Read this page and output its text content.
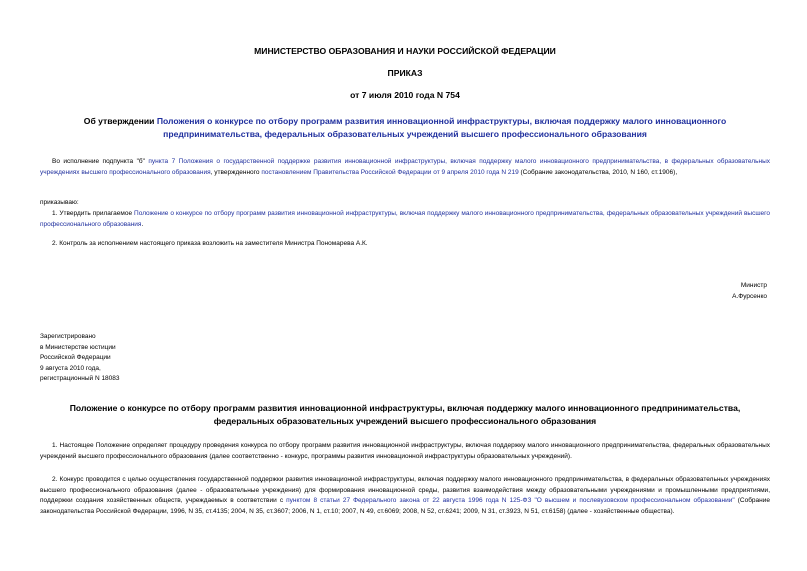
МИНИСТЕРСТВО ОБРАЗОВАНИЯ И НАУКИ РОССИЙСКОЙ ФЕДЕРАЦИИ
ПРИКАЗ
от 7 июля 2010 года N 754
Об утверждении Положения о конкурсе по отбору программ развития инновационной инфраструктуры, включая поддержку малого инновационного предпринимательства, федеральных образовательных учреждений высшего профессионального образования
Во исполнение подпункта "б" пункта 7 Положения о государственной поддержке развития инновационной инфраструктуры, включая поддержку малого инновационного предпринимательства, в федеральных образовательных учреждениях высшего профессионального образования, утвержденного постановлением Правительства Российской Федерации от 9 апреля 2010 года N 219 (Собрание законодательства, 2010, N 160, ст.1906),
приказываю:
1. Утвердить прилагаемое Положение о конкурсе по отбору программ развития инновационной инфраструктуры, включая поддержку малого инновационного предпринимательства, федеральных образовательных учреждений высшего профессионального образования.
2. Контроль за исполнением настоящего приказа возложить на заместителя Министра Пономарева А.К.
Министр
А.Фурсенко
Зарегистрировано
в Министерстве юстиции
Российской Федерации
9 августа 2010 года,
регистрационный N 18083
Положение о конкурсе по отбору программ развития инновационной инфраструктуры, включая поддержку малого инновационного предпринимательства, федеральных образовательных учреждений высшего профессионального образования
1. Настоящее Положение определяет процедуру проведения конкурса по отбору программ развития инновационной инфраструктуры, включая поддержку малого инновационного предпринимательства, федеральных образовательных учреждений высшего профессионального образования (далее соответственно - конкурс, программы развития инновационной инфраструктуры образовательных учреждений).
2. Конкурс проводится с целью осуществления государственной поддержки развития инновационной инфраструктуры, включая поддержку малого инновационного предпринимательства, в федеральных образовательных учреждениях высшего профессионального образования (далее - образовательные учреждения) для формирования инновационной среды, развития взаимодействия между образовательными учреждениями и промышленными предприятиями, поддержки создания хозяйственных обществ, учреждаемых в соответствии с пунктом 8 статьи 27 Федерального закона от 22 августа 1996 года N 125-ФЗ "О высшем и послевузовском профессиональном образовании" (Собрание законодательства Российской Федерации, 1996, N 35, ст.4135; 2004, N 35, ст.3607; 2006, N 1, ст.10; 2007, N 49, ст.6069; 2008, N 52, ст.6241; 2009, N 31, ст.3923, N 51, ст.6158) (далее - хозяйственные общества).
